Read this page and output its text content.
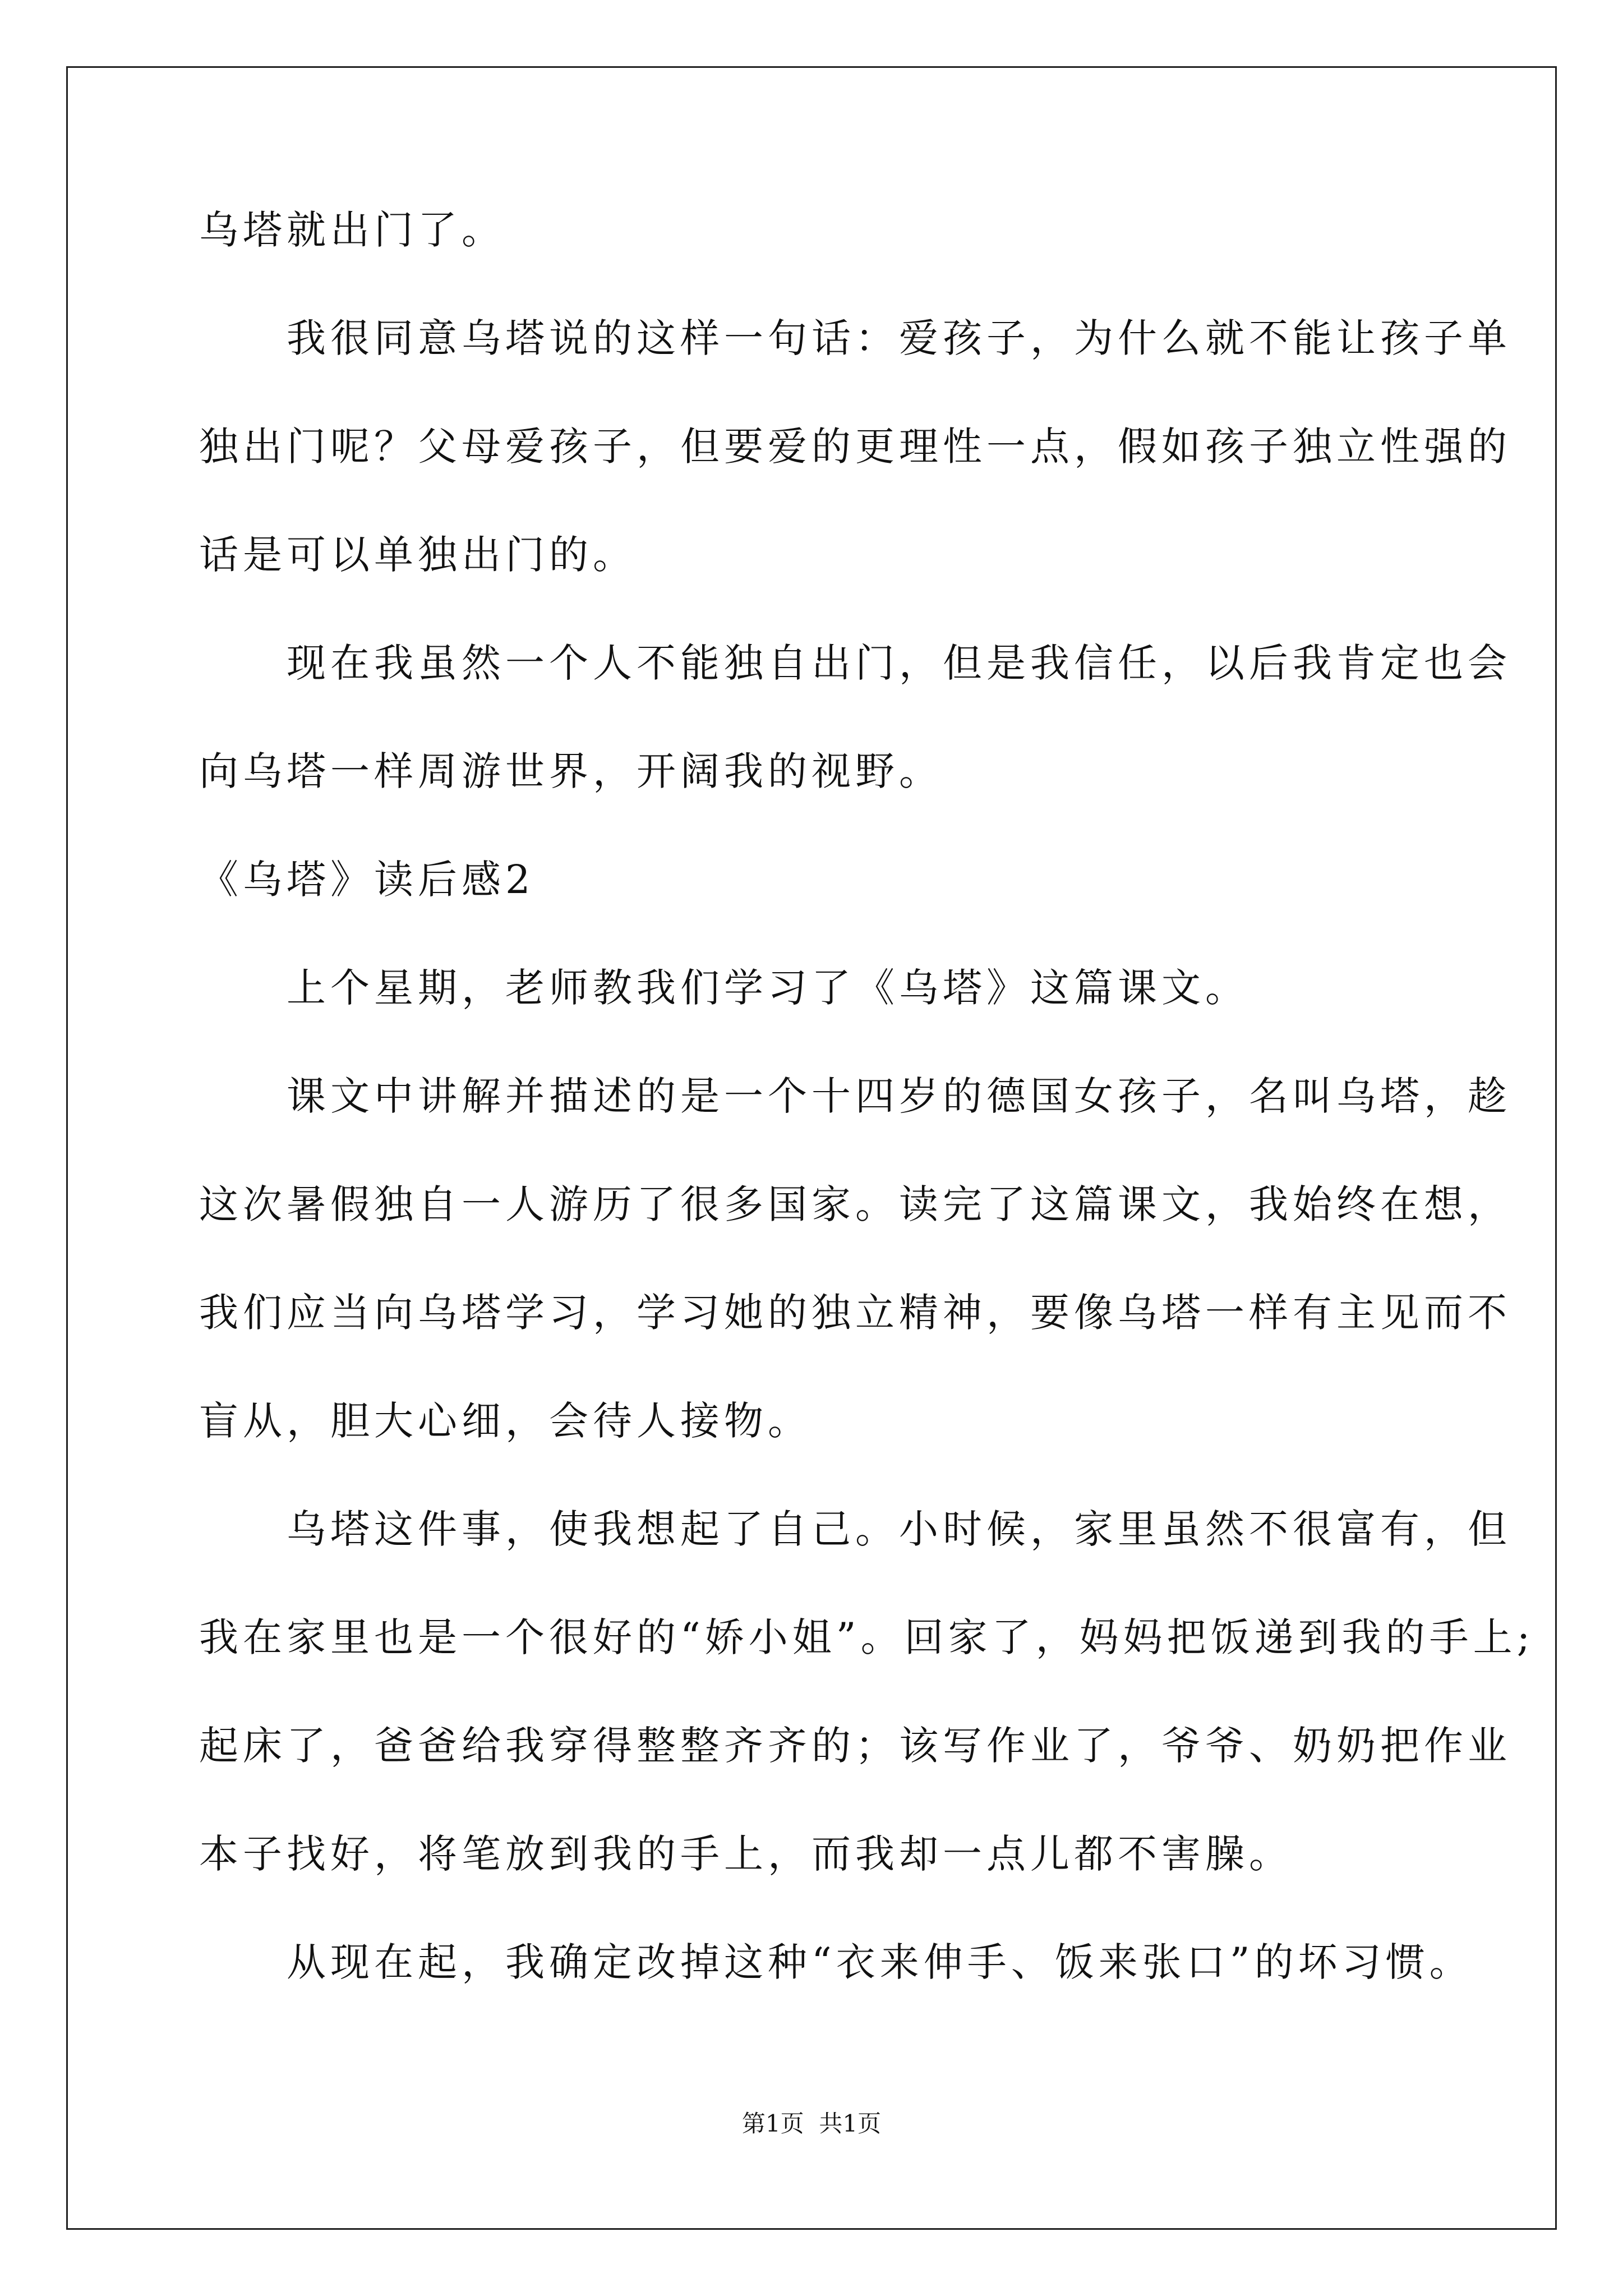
乌塔就出门了。

　　我很同意乌塔说的这样一句话：爱孩子，为什么就不能让孩子单

独出门呢？父母爱孩子，但要爱的更理性一点，假如孩子独立性强的

话是可以单独出门的。

　　现在我虽然一个人不能独自出门，但是我信任，以后我肯定也会

向乌塔一样周游世界，开阔我的视野。

《乌塔》读后感2

　　上个星期，老师教我们学习了《乌塔》这篇课文。

　　课文中讲解并描述的是一个十四岁的德国女孩子，名叫乌塔，趁

这次暑假独自一人游历了很多国家。读完了这篇课文，我始终在想，

我们应当向乌塔学习，学习她的独立精神，要像乌塔一样有主见而不

盲从，胆大心细，会待人接物。

　　乌塔这件事，使我想起了自己。小时候，家里虽然不很富有，但

我在家里也是一个很好的“娇小姐”。回家了，妈妈把饭递到我的手上;

起床了，爸爸给我穿得整整齐齐的；该写作业了，爷爷、奶奶把作业

本子找好，将笔放到我的手上，而我却一点儿都不害臊。

　　从现在起，我确定改掉这种“衣来伸手、饭来张口”的坏习惯。

第1页  共1页
